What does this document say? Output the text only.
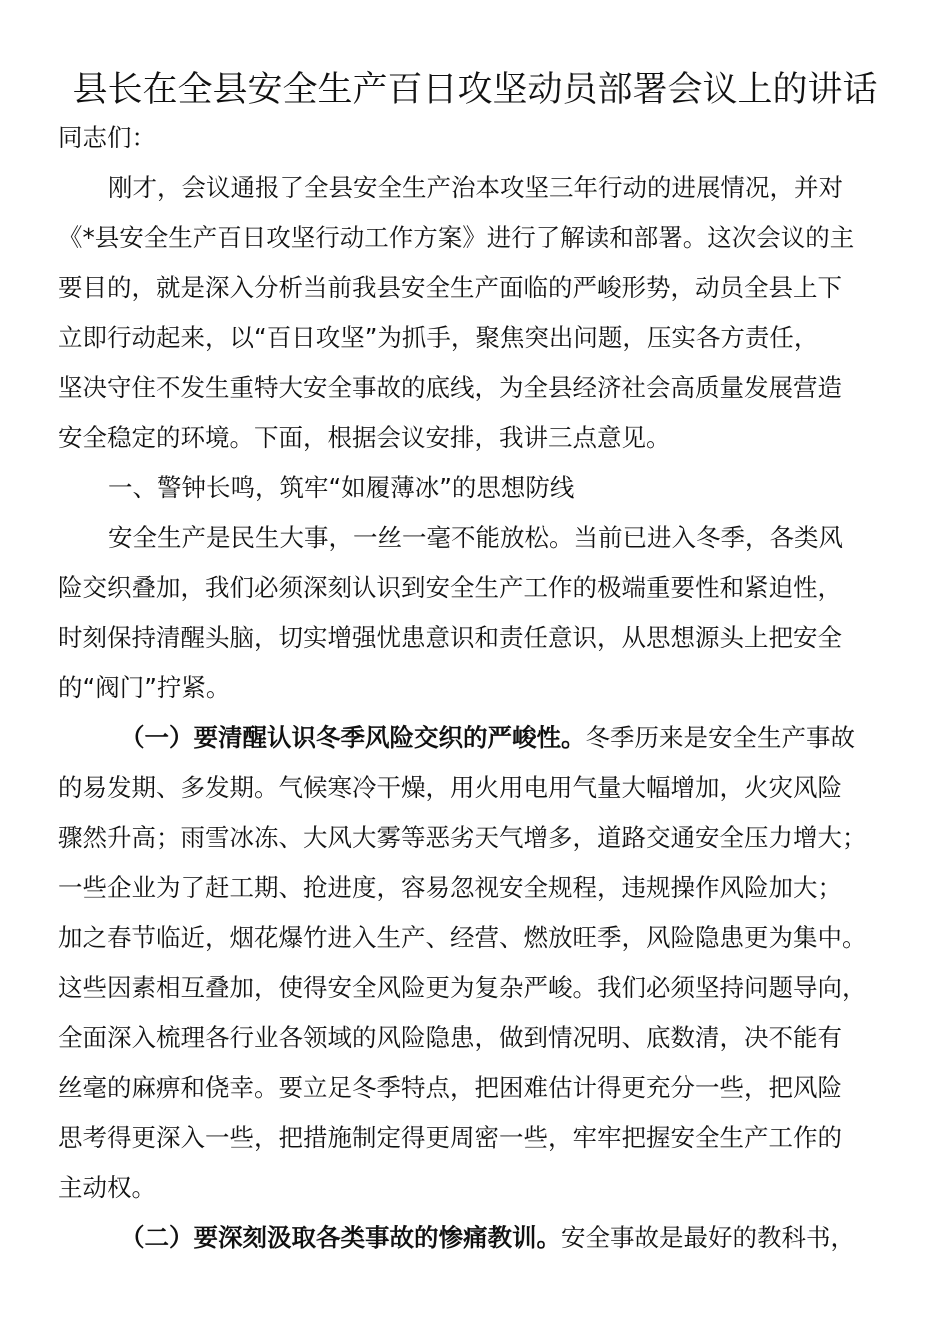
县长在全县安全生产百日攻坚动员部署会议上的讲话
同志们：
刚才，会议通报了全县安全生产治本攻坚三年行动的进展情况，并对
《*县安全生产百日攻坚行动工作方案》进行了解读和部署。这次会议的主
要目的，就是深入分析当前我县安全生产面临的严峻形势，动员全县上下
立即行动起来，以“百日攻坚”为抓手，聚焦突出问题，压实各方责任，
坚决守住不发生重特大安全事故的底线，为全县经济社会高质量发展营造
安全稳定的环境。下面，根据会议安排，我讲三点意见。
一、警钟长鸣，筑牢“如履薄冰”的思想防线
安全生产是民生大事，一丝一毫不能放松。当前已进入冬季，各类风
险交织叠加，我们必须深刻认识到安全生产工作的极端重要性和紧迫性，
时刻保持清醒头脑，切实增强忧患意识和责任意识，从思想源头上把安全
的“阀门”拧紧。
（一）要清醒认识冬季风险交织的严峻性。冬季历来是安全生产事故
的易发期、多发期。气候寒冷干燥，用火用电用气量大幅增加，火灾风险
骤然升高；雨雪冰冻、大风大雾等恶劣天气增多，道路交通安全压力增大；
一些企业为了赶工期、抢进度，容易忽视安全规程，违规操作风险加大；
加之春节临近，烟花爆竹进入生产、经营、燃放旺季，风险隐患更为集中。
这些因素相互叠加，使得安全风险更为复杂严峻。我们必须坚持问题导向，
全面深入梳理各行业各领域的风险隐患，做到情况明、底数清，决不能有
丝毫的麻痹和侥幸。要立足冬季特点，把困难估计得更充分一些，把风险
思考得更深入一些，把措施制定得更周密一些，牢牢把握安全生产工作的
主动权。
（二）要深刻汲取各类事故的惨痛教训。安全事故是最好的教科书，
